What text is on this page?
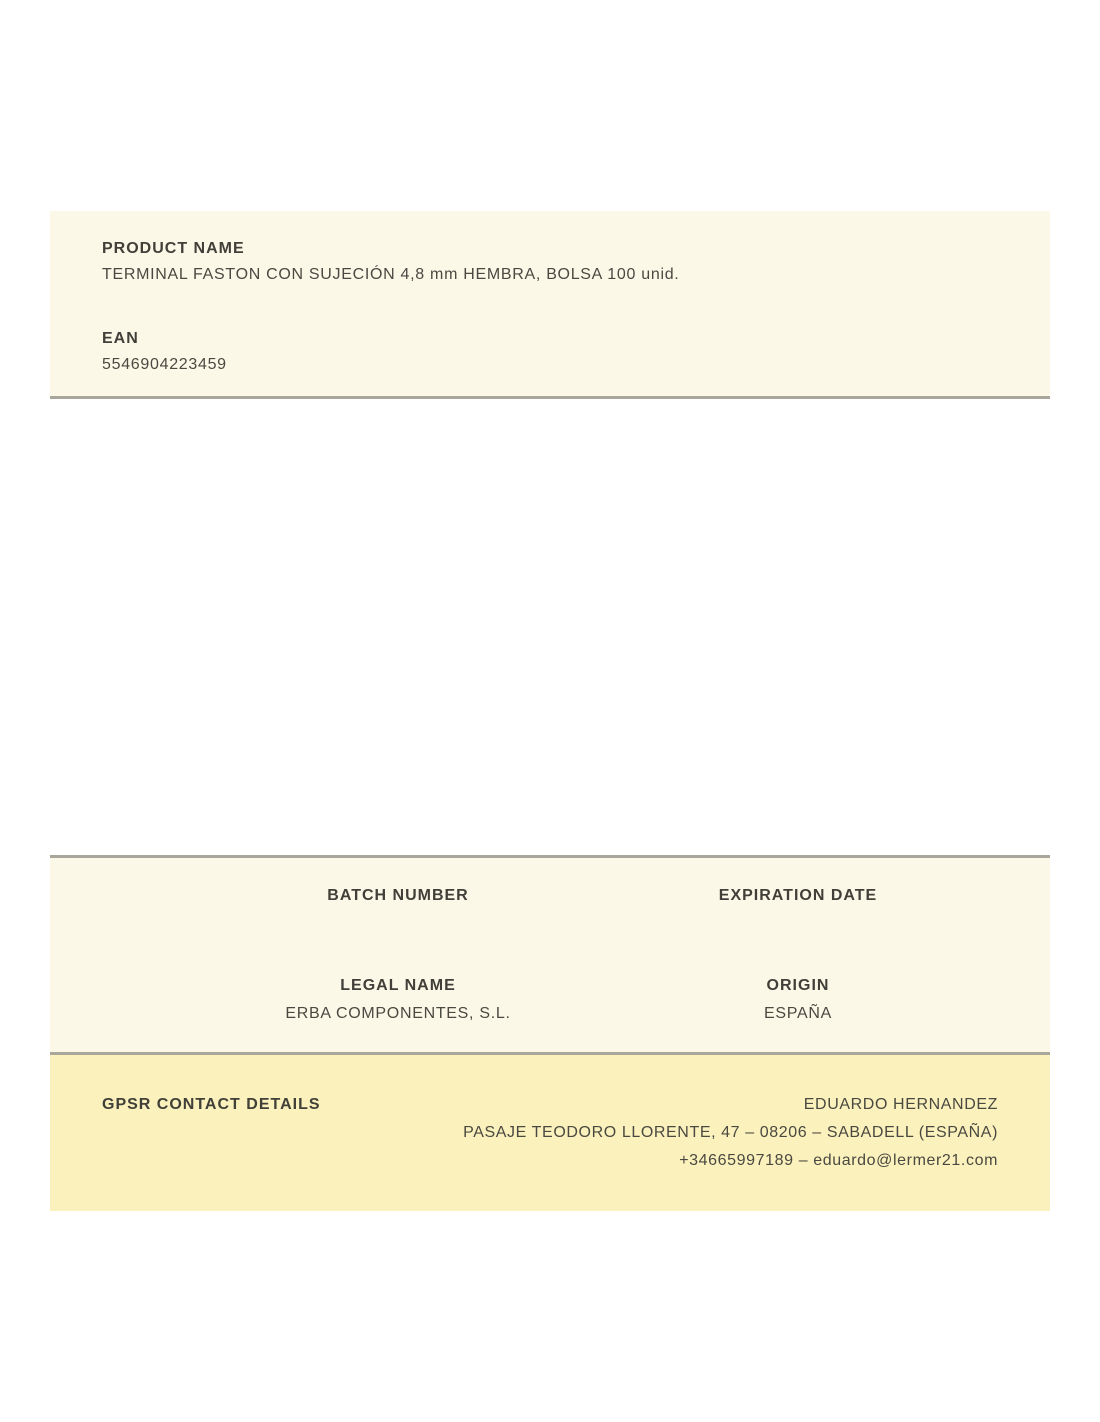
PRODUCT NAME
TERMINAL FASTON CON SUJECIÓN 4,8 mm HEMBRA, BOLSA 100 unid.
EAN
5546904223459
BATCH NUMBER	EXPIRATION DATE
LEGAL NAME
ERBA COMPONENTES, S.L.
ORIGIN
ESPAÑA
GPSR CONTACT DETAILS	EDUARDO HERNANDEZ
PASAJE TEODORO LLORENTE, 47 – 08206 – SABADELL (ESPAÑA)
+34665997189 – eduardo@lermer21.com
